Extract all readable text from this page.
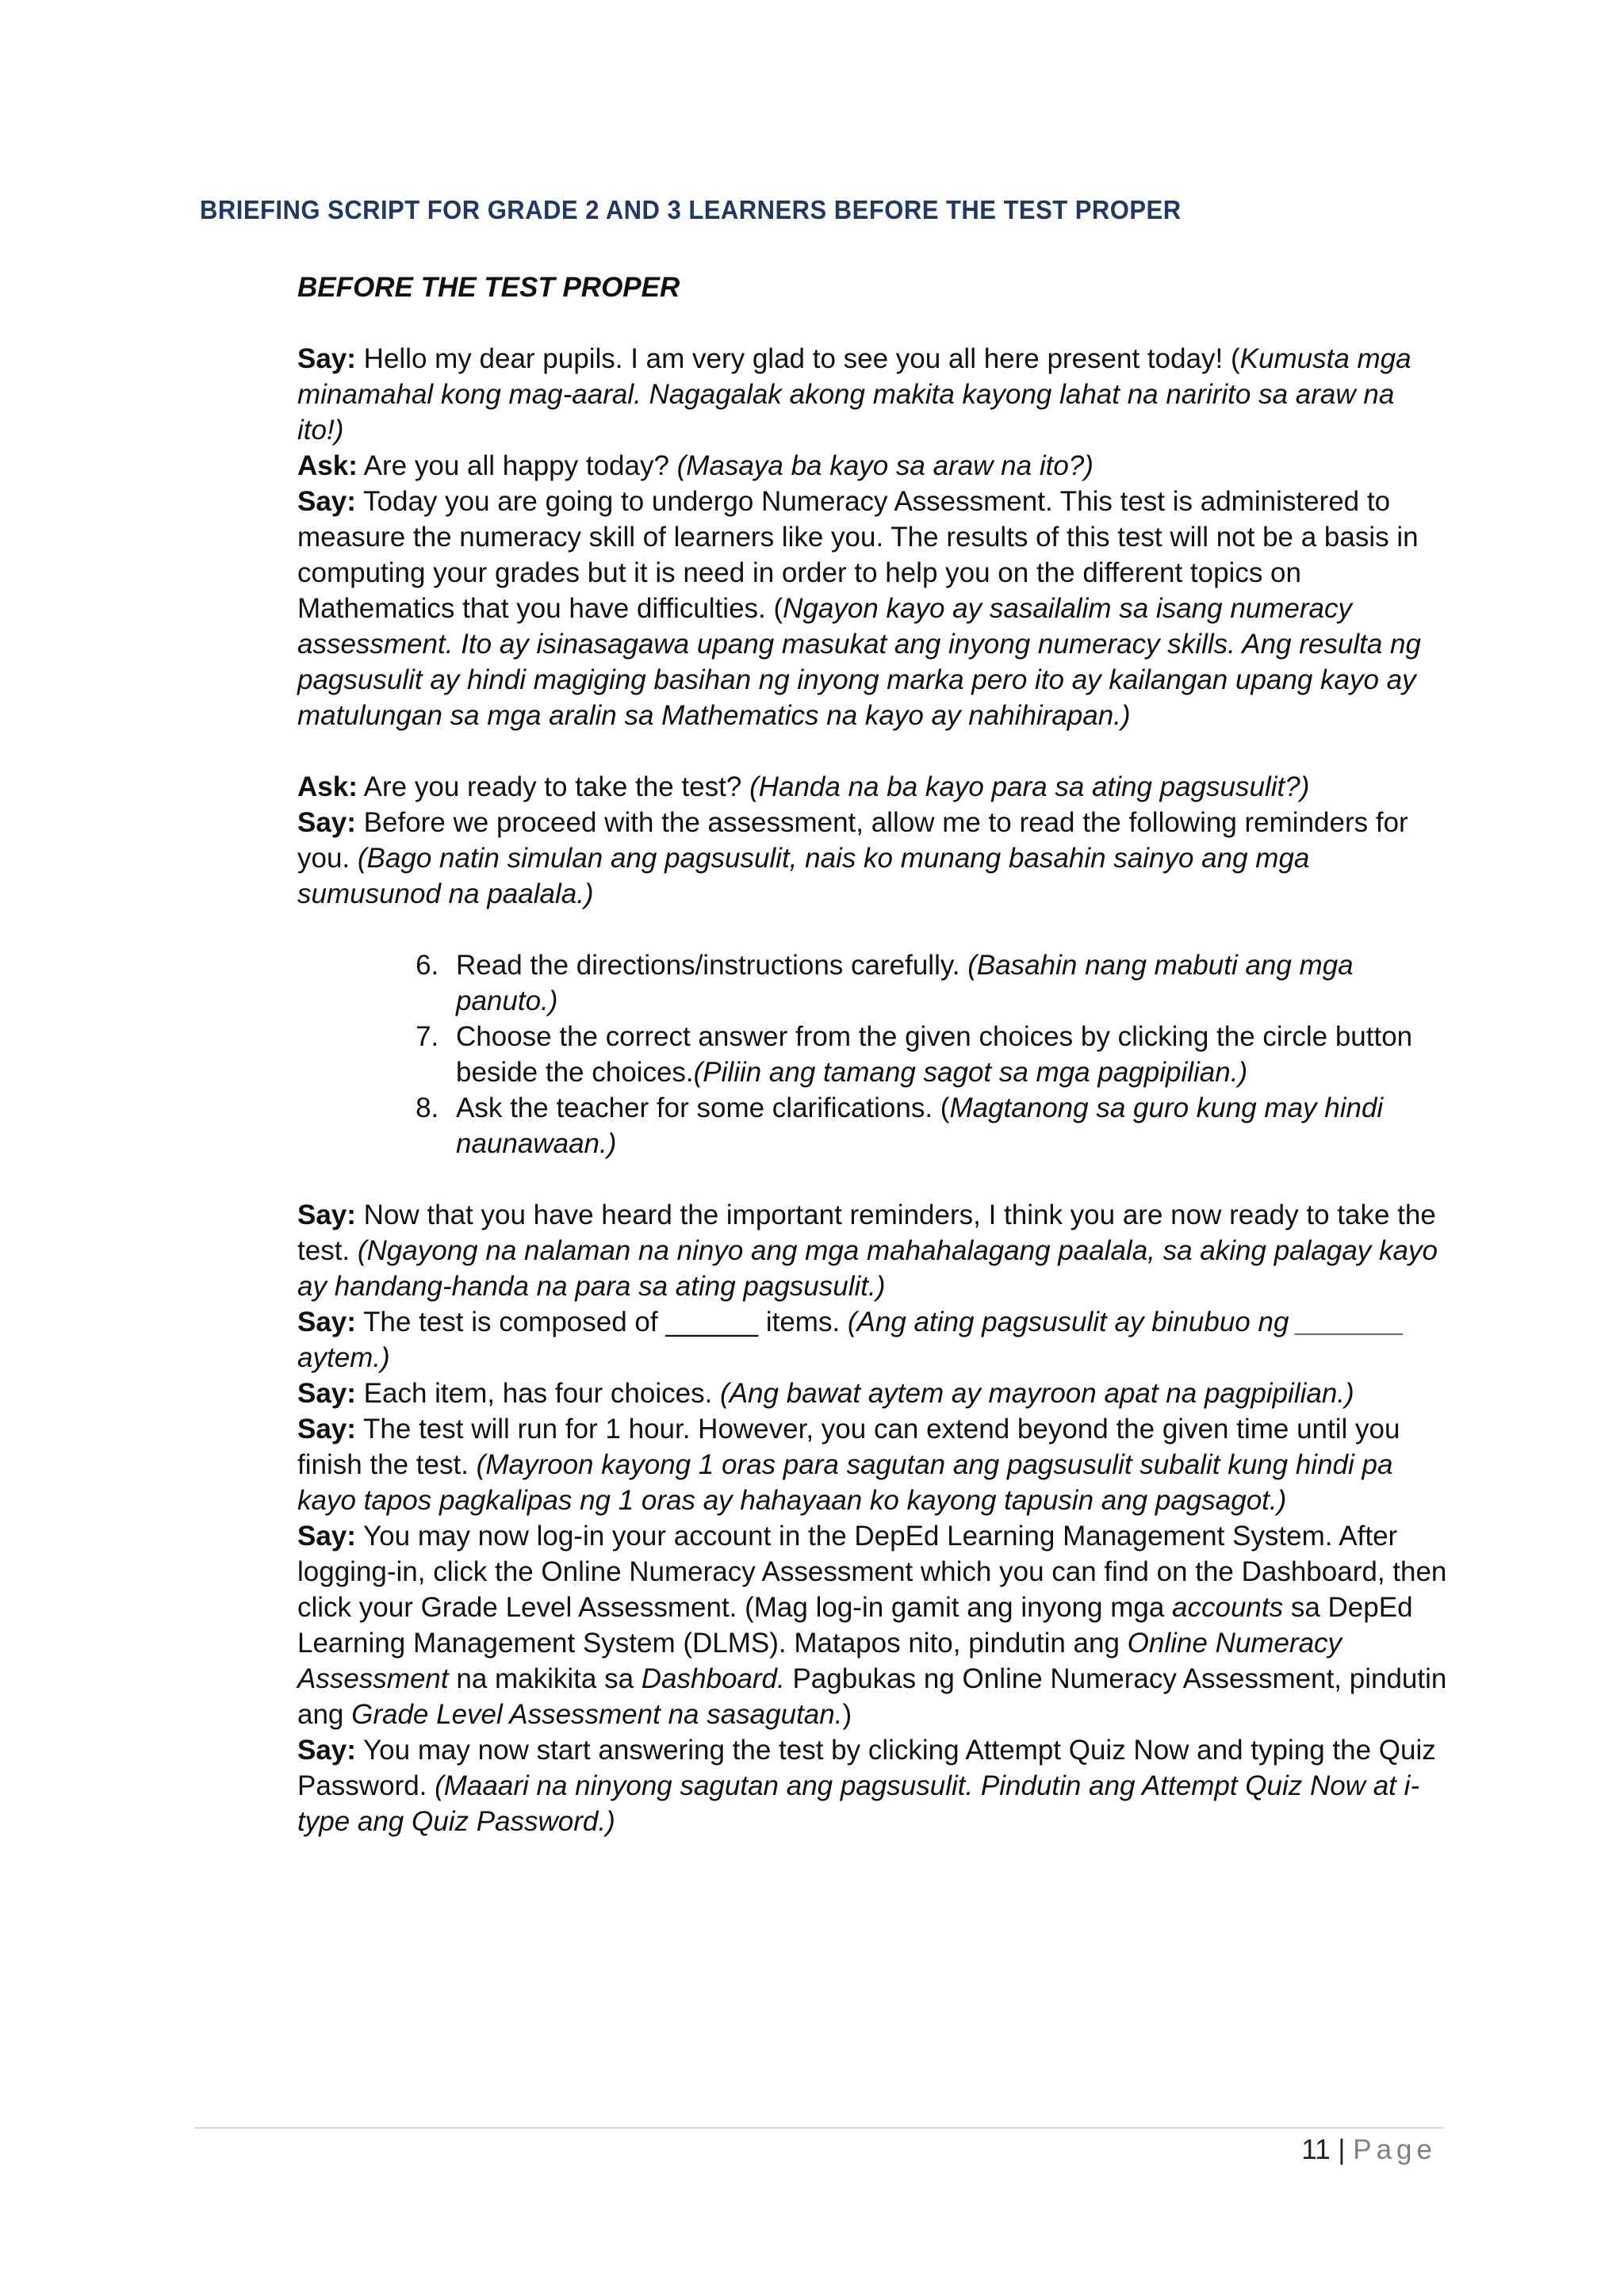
BRIEFING SCRIPT FOR GRADE 2 AND 3 LEARNERS BEFORE THE TEST PROPER

BEFORE THE TEST PROPER

Say: Hello my dear pupils. I am very glad to see you all here present today! (Kumusta mga minamahal kong mag-aaral. Nagagalak akong makita kayong lahat na naririto sa araw na ito!)

Ask: Are you all happy today? (Masaya ba kayo sa araw na ito?)

Say: Today you are going to undergo Numeracy Assessment. This test is administered to measure the numeracy skill of learners like you. The results of this test will not be a basis in computing your grades but it is need in order to help you on the different topics on Mathematics that you have difficulties. (Ngayon kayo ay sasailalim sa isang numeracy assessment. Ito ay isinasagawa upang masukat ang inyong numeracy skills. Ang resulta ng pagsusulit ay hindi magiging basihan ng inyong marka pero ito ay kailangan upang kayo ay matulungan sa mga aralin sa Mathematics na kayo ay nahihirapan.)

Ask: Are you ready to take the test? (Handa na ba kayo para sa ating pagsusulit?)

Say: Before we proceed with the assessment, allow me to read the following reminders for you. (Bago natin simulan ang pagsusulit, nais ko munang basahin sainyo ang mga sumusunod na paalala.)

6. Read the directions/instructions carefully. (Basahin nang mabuti ang mga panuto.)
7. Choose the correct answer from the given choices by clicking the circle button beside the choices.(Piliin ang tamang sagot sa mga pagpipilian.)
8. Ask the teacher for some clarifications. (Magtanong sa guro kung may hindi naunawaan.)

Say: Now that you have heard the important reminders, I think you are now ready to take the test. (Ngayong na nalaman na ninyo ang mga mahahalagang paalala, sa aking palagay kayo ay handang-handa na para sa ating pagsusulit.)

Say: The test is composed of ______ items. (Ang ating pagsusulit ay binubuo ng _______ aytem.)

Say: Each item, has four choices. (Ang bawat aytem ay mayroon apat na pagpipilian.)

Say: The test will run for 1 hour. However, you can extend beyond the given time until you finish the test. (Mayroon kayong 1 oras para sagutan ang pagsusulit subalit kung hindi pa kayo tapos pagkalipas ng 1 oras ay hahayaan ko kayong tapusin ang pagsagot.)

Say: You may now log-in your account in the DepEd Learning Management System. After logging-in, click the Online Numeracy Assessment which you can find on the Dashboard, then click your Grade Level Assessment. (Mag log-in gamit ang inyong mga accounts sa DepEd Learning Management System (DLMS). Matapos nito, pindutin ang Online Numeracy Assessment na makikita sa Dashboard. Pagbukas ng Online Numeracy Assessment, pindutin ang Grade Level Assessment na sasagutan.)

Say: You may now start answering the test by clicking Attempt Quiz Now and typing the Quiz Password. (Maaari na ninyong sagutan ang pagsusulit. Pindutin ang Attempt Quiz Now at i-type ang Quiz Password.)

11 | Page
